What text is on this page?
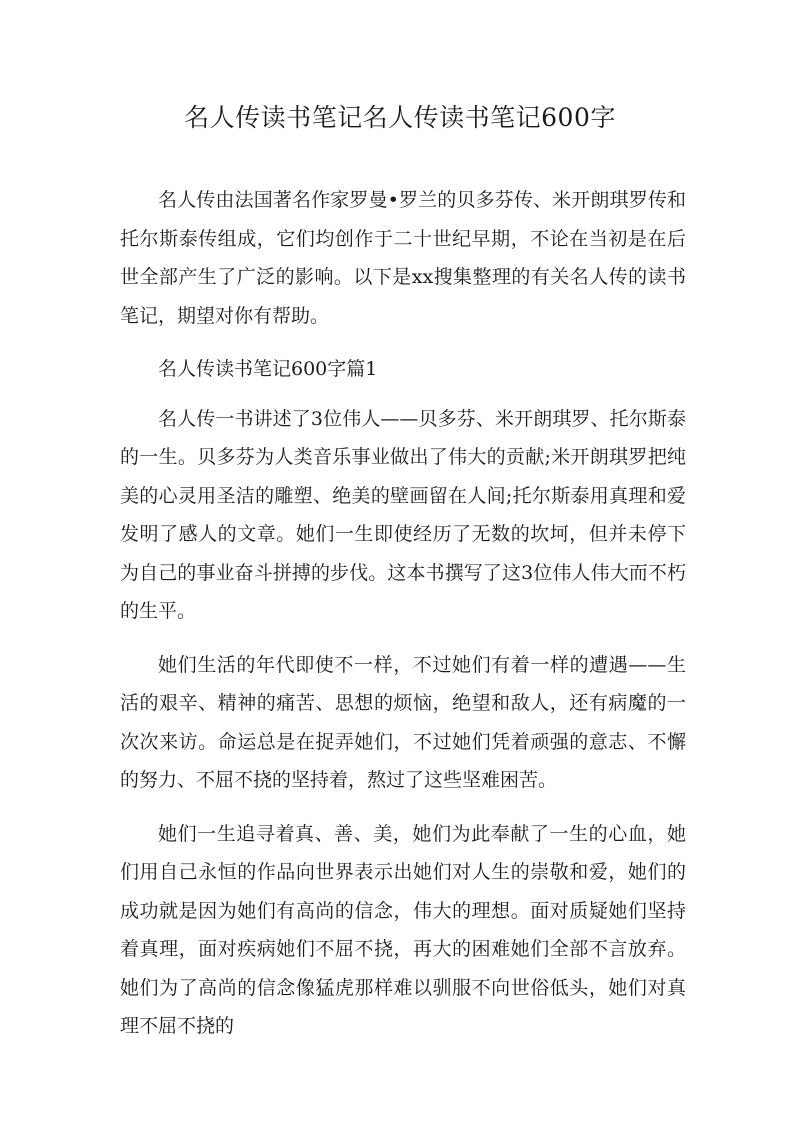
名人传读书笔记名人传读书笔记600字

名人传由法国著名作家罗曼•罗兰的贝多芬传、米开朗琪罗传和托尔斯泰传组成，它们均创作于二十世纪早期，不论在当初是在后世全部产生了广泛的影响。以下是xx搜集整理的有关名人传的读书笔记，期望对你有帮助。

名人传读书笔记600字篇1

名人传一书讲述了3位伟人——贝多芬、米开朗琪罗、托尔斯泰的一生。贝多芬为人类音乐事业做出了伟大的贡献;米开朗琪罗把纯美的心灵用圣洁的雕塑、绝美的壁画留在人间;托尔斯泰用真理和爱发明了感人的文章。她们一生即使经历了无数的坎坷，但并未停下为自己的事业奋斗拼搏的步伐。这本书撰写了这3位伟人伟大而不朽的生平。

她们生活的年代即使不一样，不过她们有着一样的遭遇——生活的艰辛、精神的痛苦、思想的烦恼，绝望和敌人，还有病魔的一次次来访。命运总是在捉弄她们，不过她们凭着顽强的意志、不懈的努力、不屈不挠的坚持着，熬过了这些坚难困苦。

她们一生追寻着真、善、美，她们为此奉献了一生的心血，她们用自己永恒的作品向世界表示出她们对人生的崇敬和爱，她们的成功就是因为她们有高尚的信念，伟大的理想。面对质疑她们坚持着真理，面对疾病她们不屈不挠，再大的困难她们全部不言放弃。她们为了高尚的信念像猛虎那样难以驯服不向世俗低头，她们对真理不屈不挠的
